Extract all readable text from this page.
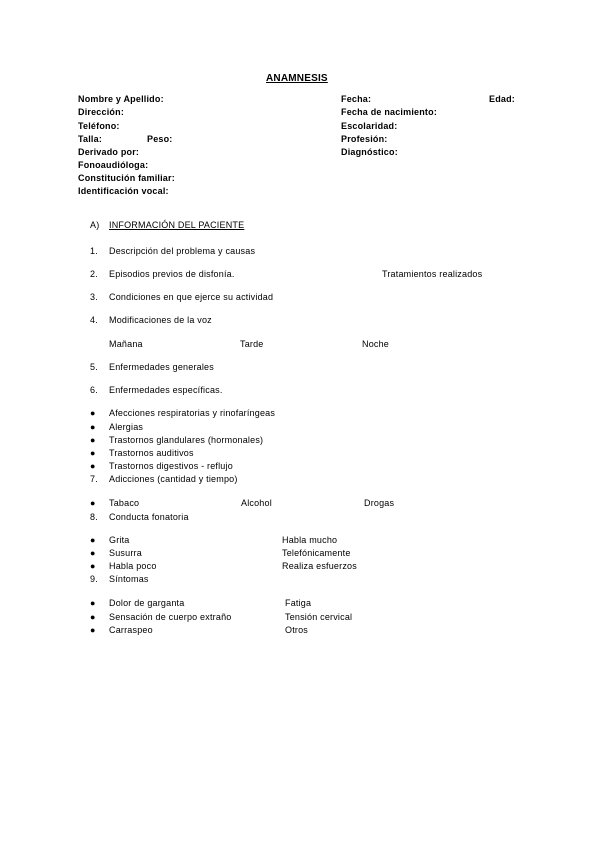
ANAMNESIS
Nombre y Apellido:	Fecha:	Edad:
Dirección:	Fecha de nacimiento:
Teléfono:	Escolaridad:
Talla:	Peso:	Profesión:
Derivado por:	Diagnóstico:
Fonoaudióloga:
Constitución familiar:
Identificación vocal:
A) INFORMACIÓN DEL PACIENTE
1. Descripción del problema y causas
2. Episodios previos de disfonía.	Tratamientos realizados
3. Condiciones en que ejerce su actividad
4. Modificaciones de la voz
Mañana	Tarde	Noche
5. Enfermedades generales
6. Enfermedades específicas.
● Afecciones respiratorias y rinofaríngeas
● Alergias
● Trastornos glandulares (hormonales)
● Trastornos auditivos
● Trastornos digestivos - reflujo
7. Adicciones (cantidad y tiempo)
● Tabaco	Alcohol	Drogas
8. Conducta fonatoria
● Grita	Habla mucho
● Susurra	Telefónicamente
● Habla poco	Realiza esfuerzos
9. Síntomas
● Dolor de garganta	Fatiga
● Sensación de cuerpo extraño	Tensión cervical
● Carraspeo	Otros
